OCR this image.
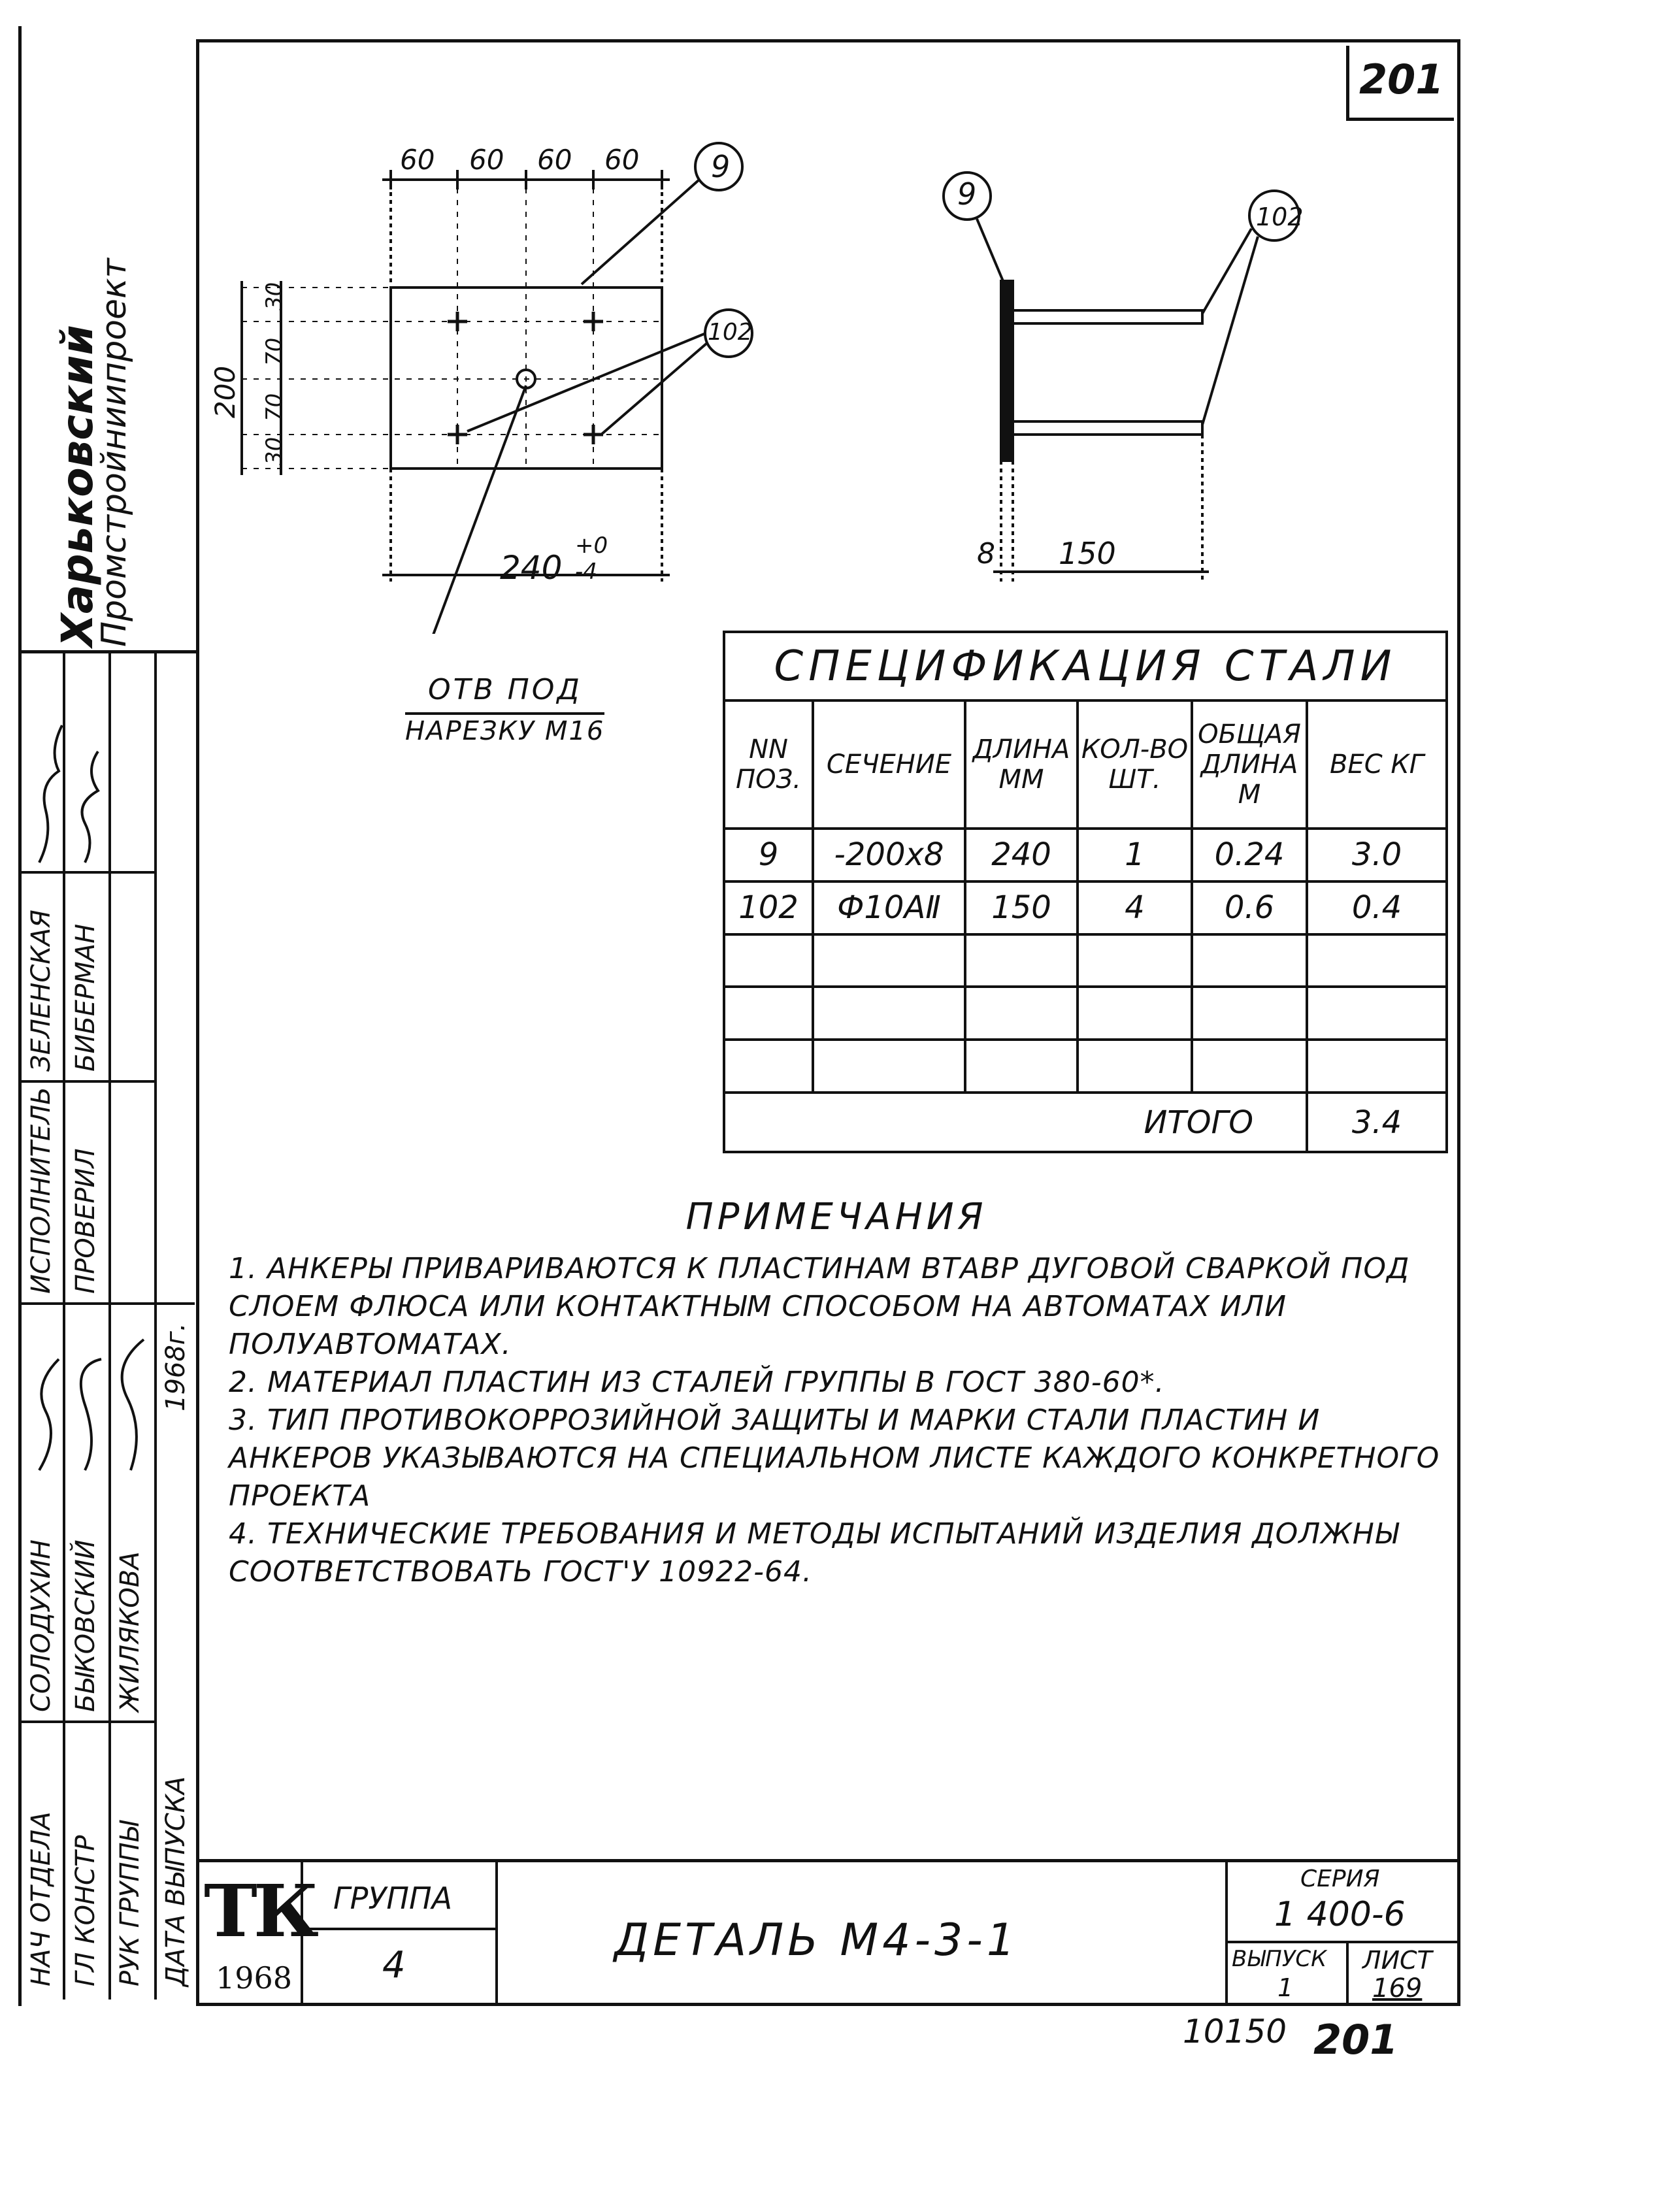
201
Харьковский
Промстройниипроект
НАЧ ОТДЕЛА ГЛ КОНСТР РУК ГРУППЫ ДАТА ВЫПУСКА
СОЛОДУХИН БЫКОВСКИЙ ЖИЛЯКОВА
1968г.
ИСПОЛНИТЕЛЬ ПРОВЕРИЛ
ЗЕЛЕНСКАЯ БИБЕРМАН
60 60 60 60
30
70
70
30
200
240
+0
-4
9
102
ОТВ ПОД
НАРЕЗКУ М16
9
102
8 150
СПЕЦИФИКАЦИЯ СТАЛИ					
NN ПОЗ.	СЕЧЕНИЕ	ДЛИНА ММ	КОЛ-ВО ШТ.	ОБЩАЯ ДЛИНА М	ВЕС КГ
9	-200х8	240	1	0.24	3.0
102	Ф10АⅡ	150	4	0.6	0.4

ИТОГО					3.4
ПРИМЕЧАНИЯ

1. АНКЕРЫ ПРИВАРИВАЮТСЯ К ПЛАСТИНАМ ВТАВР ДУГОВОЙ СВАРКОЙ ПОД СЛОЕМ ФЛЮСА ИЛИ КОНТАКТНЫМ СПОСОБОМ НА АВТОМАТАХ ИЛИ ПОЛУАВТОМАТАХ.

2. МАТЕРИАЛ ПЛАСТИН ИЗ СТАЛЕЙ ГРУППЫ В ГОСТ 380-60*.

3. ТИП ПРОТИВОКОРРОЗИЙНОЙ ЗАЩИТЫ И МАРКИ СТАЛИ ПЛАСТИН И АНКЕРОВ УКАЗЫВАЮТСЯ НА СПЕЦИАЛЬНОМ ЛИСТЕ КАЖДОГО КОНКРЕТНОГО ПРОЕКТА

4. ТЕХНИЧЕСКИЕ ТРЕБОВАНИЯ И МЕТОДЫ ИСПЫТАНИЙ ИЗДЕЛИЯ ДОЛЖНЫ СООТВЕТСТВОВАТЬ ГОСТ'У 10922-64.

ТК
1968
ГРУППА
4	ДЕТАЛЬ М4-3-1
СЕРИЯ
1 400-6
ВЫПУСК
1
ЛИСТ
169
10150 201
